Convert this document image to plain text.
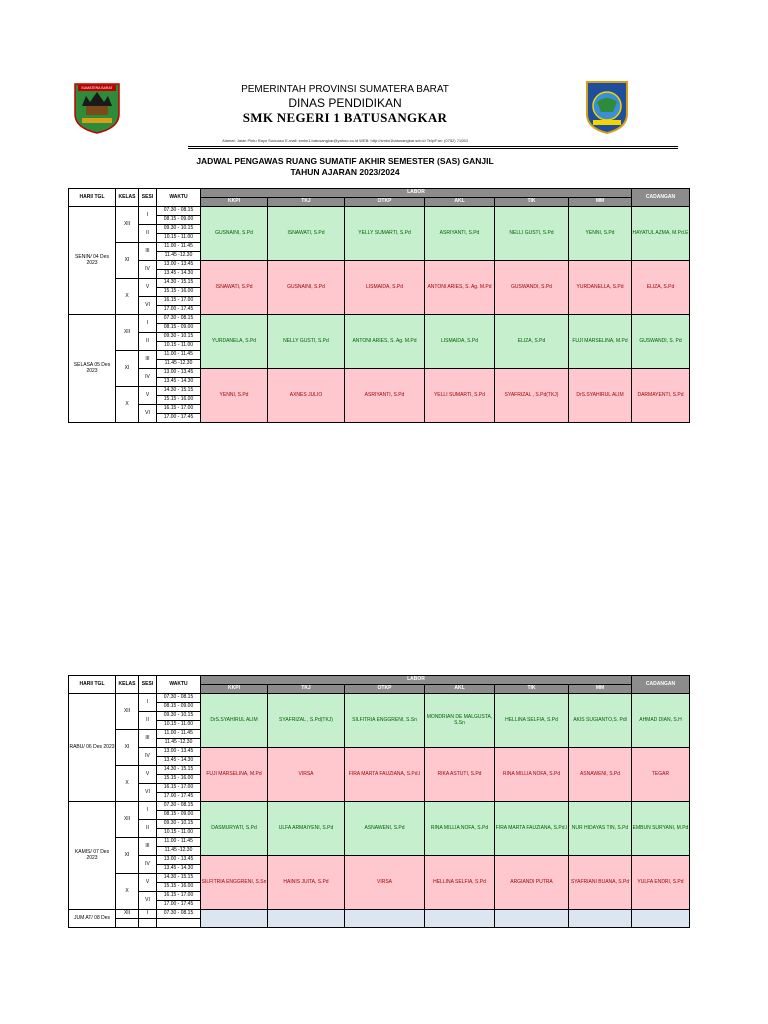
SUMATERA BARAT	PEMERINTAH PROVINSI SUMATERA BARAT
DINAS PENDIDIKAN
SMK NEGERI 1 BATUSANGKAR
Alamat: Jalan Pintu Rayo Sonuaso E-mail: smkn1.batusangkar@yahoo.co.id WEB: http://smkn1batusangkar.sch.id Telp/Fax: (0752) 71063
JADWAL PENGAWAS RUANG SUMATIF AKHIR SEMESTER (SAS) GANJIL
TAHUN AJARAN 2023/2024
HARI/ TGL	KELAS	SESI	WAKTU	LABOR						CADANGAN
				KKPI	TKJ	OTKP	AKL	TIK	MM	
SENIN/ 04 Des 2023	XII	I	07.30 - 08.15	GUSNAINI, S.Pd	ISNAWATI, S.Pd	YELLY SUMARTI, S.Pd	ASRIYANTI, S.Pd	NELLI GUSTI, S.Pd	YENNI, S.Pd	HAYATUL AZMA, M.Pd.E
			08.15 - 09.00							
		II	09.30 - 10.15							
			10.15 - 11.00							
	XI	III	11.00 - 11.45							
			11.45 -12.30							
		IV	13.00 - 13.45	ISNAWATI, S.Pd	GUSNAINI, S.Pd	LISMAIDA, S.Pd	ANTONI ARIES, S. Ag. M.Pd	GUSWANDI, S.Pd	YURDANELLA, S.Pd	ELIZA, S.Pd
			13.45 - 14.30							
	X	V	14.30 - 15.15							
			15.15 - 16.00							
		VI	16.15 - 17.00							
			17.00 - 17.45							
SELASA 05 Des 2023	XII	I	07.30 - 08.15	YURDANELA, S.Pd	NELLY GUSTI, S.Pd	ANTONI ARIES, S. Ag. M.Pd	LISMAIDA, S.Pd	ELIZA, S.Pd	FUJI MARSELINA, M.Pd	GUSWANDI, S. Pd
			08.15 - 09.00							
		II	09.30 - 10.15							
			10.15 - 11.00							
	XI	III	11.00 - 11.45							
			11.45 -12.30							
		IV	13.00 - 13.45	YENNI, S.Pd	AXNES JULIO	ASRIYANTI, S.Pd	YELLI SUMARTI, S.Pd	SYAFRIZAL , S.Pd(TKJ)	DrS.SYAHIRUL ALIM	DARMAYENTI, S.Pd
			13.45 - 14.30							
	X	V	14.30 - 15.15							
			15.15 - 16.00							
		VI	16.15 - 17.00							
			17.00 - 17.45							
HARI/ TGL	KELAS	SESI	WAKTU	LABOR						CADANGAN
				KKPI	TKJ	OTKP	AKL	TIK	MM	
RABU/ 06 Des 2023	XII	I	07.30 - 08.15	DrS.SYAHIRUL ALIM	SYAFRIZAL , S.Pd(TKJ)	SILFITRIA ENGGRENI, S.Sn	MONDRIAN DE MALGUSTA, S.Sn	HELLINA SELFIA, S.Pd	AKIS SUGIANTO,S. Pdl	AHMAD DIAN, S.H
			08.15 - 09.00							
		II	09.30 - 10.15							
			10.15 - 11.00							
	XI	III	11.00 - 11.45							
			11.45 -12.30							
		IV	13.00 - 13.45	FUJI MARSELINA, M.Pd	VIRSA	FIRA MARTA FAUZIANA, S.Pd.I	RIKA ASTUTI, S.Pd	RINA MILLIA NOFA, S.Pd	ASNAWENI, S.Pd	TEGAR
			13.45 - 14.30							
	X	V	14.30 - 15.15							
			15.15 - 16.00							
		VI	16.15 - 17.00							
			17.00 - 17.45							
KAMIS/ 07 Des 2023	XII	I	07.30 - 08.15	DASMURYATI, S.Pd	ULFA ARMAIYENI, S.Pd	ASNAWENI, S.Pd	RINA MILLIA NOFA, S.Pd	FIRA MARTA FAUZIANA, S.Pd.I	NUR HIDAYAS TIN, S.Pd	EMBUN SURYANI, M.Pd
			08.15 - 09.00							
		II	09.30 - 10.15							
			10.15 - 11.00							
	XI	III	11.00 - 11.45							
			11.45 -12.30							
		IV	13.00 - 13.45	SILFITRIA ENGGRENI, S.Sn	HAINIS JUITA, S.Pd	VIRSA	HELLINA SELFIA, S.Pd	ARGIANDI PUTRA	SYAFRIANI BUANA, S.Pd	YULFA ENDRI, S.Pd
			13.45 - 14.30							
	X	V	14.30 - 15.15							
			15.15 - 16.00							
		VI	16.15 - 17.00							
			17.00 - 17.45							
JUM AT/ 08 Des	XII	I	07.30 - 08.15							
